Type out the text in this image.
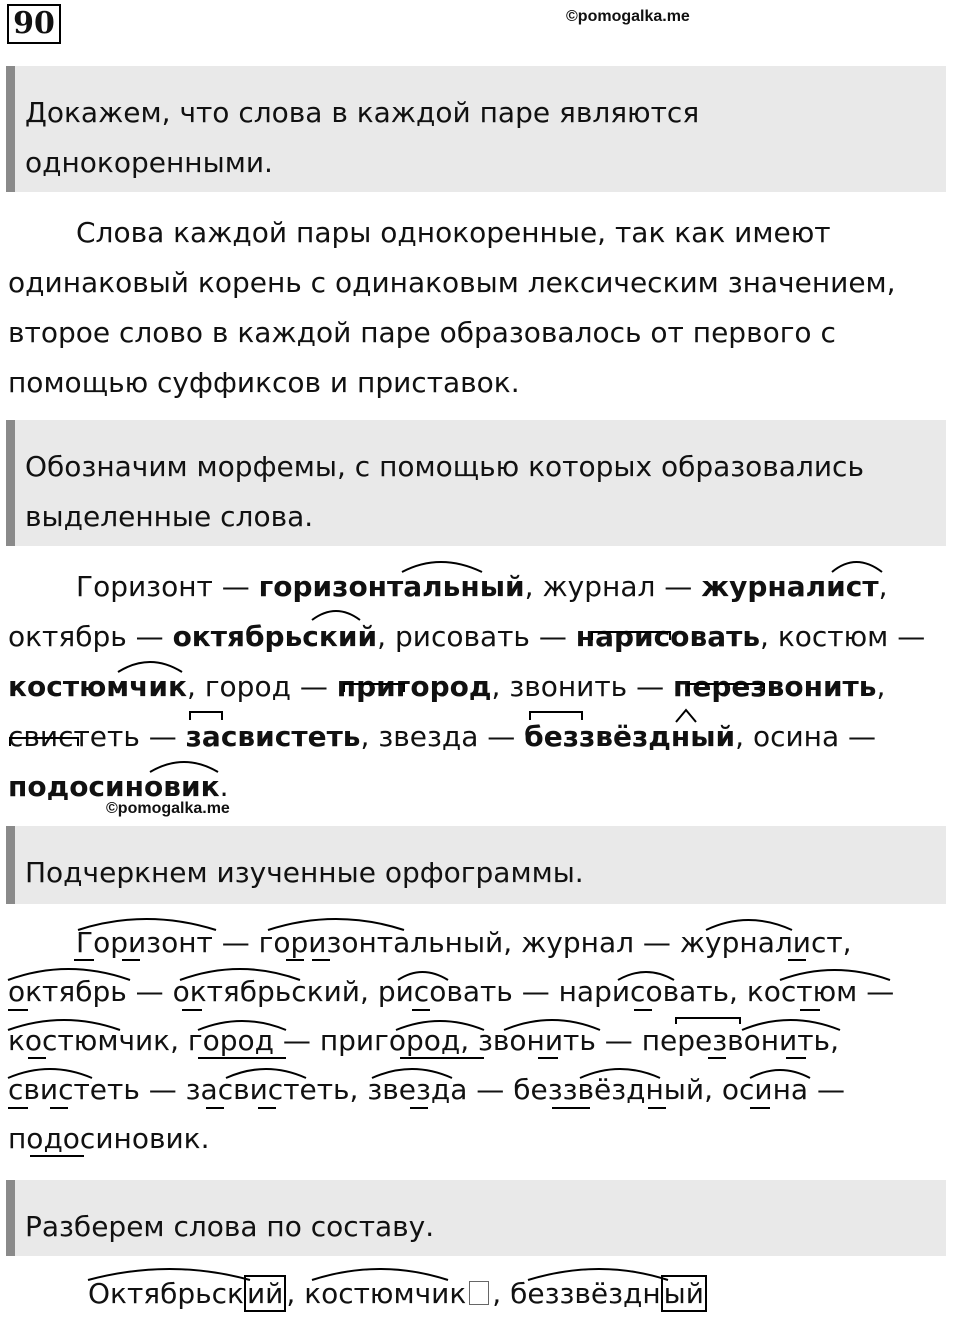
90	©pomogalka.me
Докажем, что слова в каждой паре являются однокоренными.

Слова каждой пары однокоренные, так как имеют одинаковый корень с одинаковым лексическим значением, второе слово в каждой паре образовалось от первого с помощью суффиксов и приставок.

Обозначим морфемы, с помощью которых образовались выделенные слова.

Горизонт — горизонтальный, журнал — журналист, октябрь — октябрьский, рисовать — нарисовать, костюм — костюмчик, город — пригород, звонить — перезвонить, свистеть — засвистеть, звезда — беззвёздный, осина — подосиновик.

©pomogalka.me
Подчеркнем изученные орфограммы.

Горизонт — горизонтальный, журнал — журналист, октябрь — октябрьский, рисовать — нарисовать, костюм — костюмчик, город — пригород, звонить — перезвонить, свистеть — засвистеть, звезда — беззвёздный, осина — подосиновик.

Разберем слова по составу.
Октябрьск ий , костюмчик , беззвёздн ый
